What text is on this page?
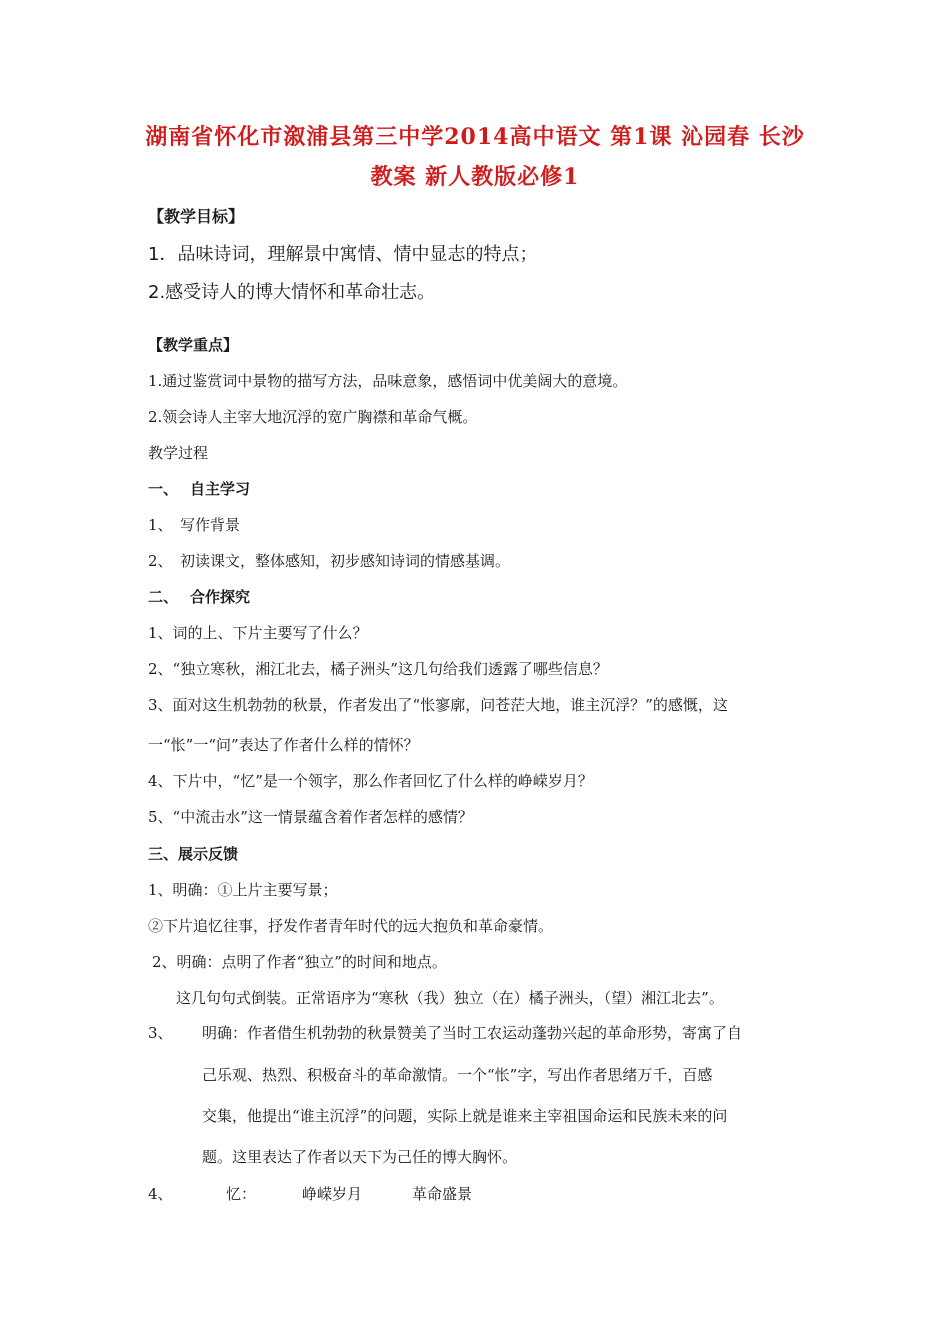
湖南省怀化市溆浦县第三中学2014高中语文 第1课 沁园春 长沙
教案 新人教版必修1
【教学目标】
1．品味诗词，理解景中寓情、情中显志的特点；
2.感受诗人的博大情怀和革命壮志。
【教学重点】
1.通过鉴赏词中景物的描写方法，品味意象，感悟词中优美阔大的意境。
2.领会诗人主宰大地沉浮的宽广胸襟和革命气概。
教学过程
一、 自主学习
1、 写作背景
2、 初读课文，整体感知，初步感知诗词的情感基调。
二、 合作探究
1、词的上、下片主要写了什么？
2、“独立寒秋，湘江北去，橘子洲头”这几句给我们透露了哪些信息？
3、面对这生机勃勃的秋景，作者发出了“怅寥廓，问苍茫大地，谁主沉浮？”的感慨，这
一“怅”一“问”表达了作者什么样的情怀？
4、下片中，“忆”是一个领字，那么作者回忆了什么样的峥嵘岁月？
5、“中流击水”这一情景蕴含着作者怎样的感情？
三、展示反馈
1、明确：①上片主要写景；
②下片追忆往事，抒发作者青年时代的远大抱负和革命豪情。
2、明确：点明了作者“独立”的时间和地点。
这几句句式倒装。正常语序为“寒秋（我）独立（在）橘子洲头，（望）湘江北去”。
3、 明确：作者借生机勃勃的秋景赞美了当时工农运动蓬勃兴起的革命形势，寄寓了自
己乐观、热烈、积极奋斗的革命激情。一个“怅”字，写出作者思绪万千，百感
交集，他提出“谁主沉浮”的问题，实际上就是谁来主宰祖国命运和民族未来的问
题。这里表达了作者以天下为己任的博大胸怀。
4、	忆：	峥嵘岁月	革命盛景
